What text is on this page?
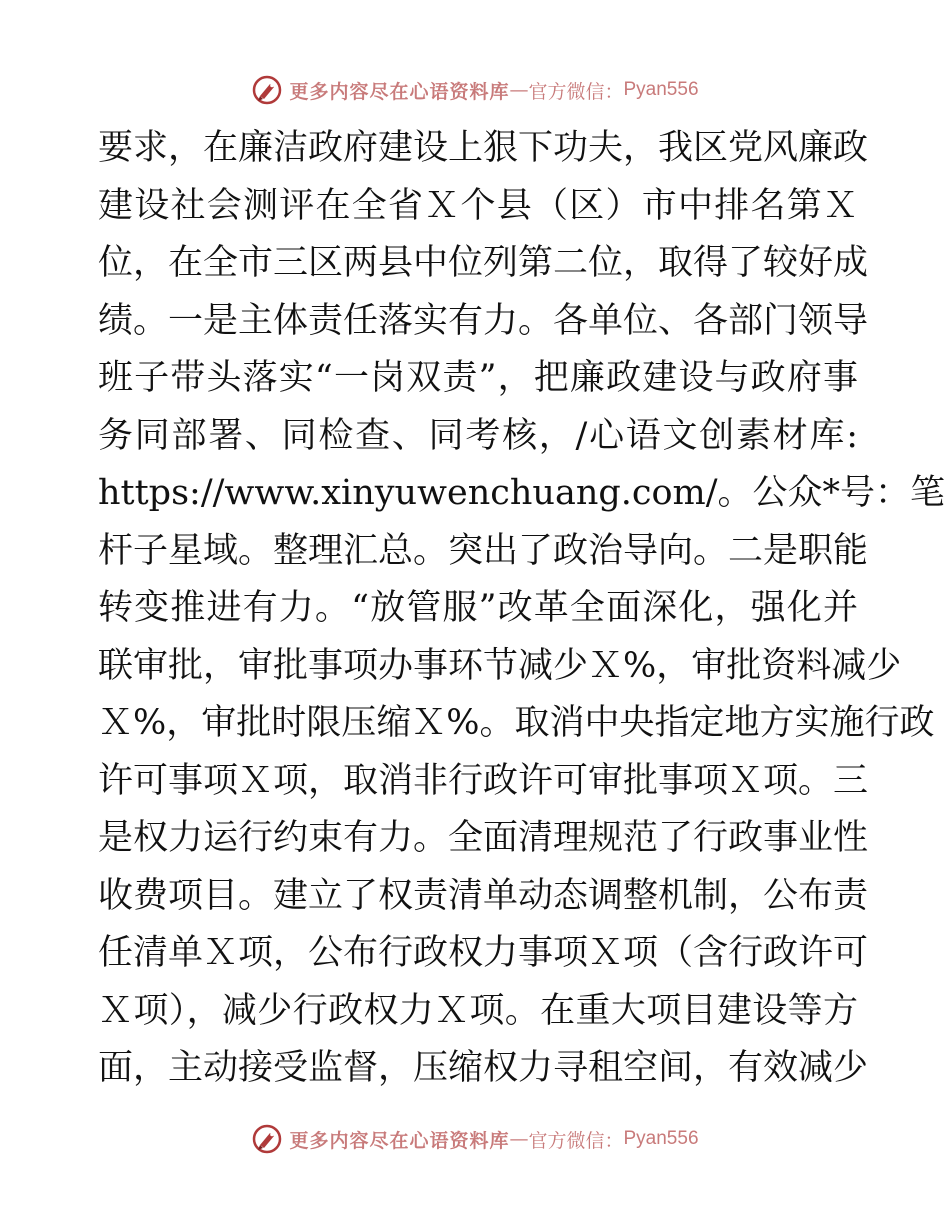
更多内容尽在心语资料库 — 官方微信： Pyan556
要求，在廉洁政府建设上狠下功夫，我区党风廉政
建设社会测评在全省Ｘ个县（区）市中排名第Ｘ
位，在全市三区两县中位列第二位，取得了较好成
绩。一是主体责任落实有力。各单位、各部门领导
班子带头落实“一岗双责”，把廉政建设与政府事
务同部署、同检查、同考核，/心语文创素材库:
https://www.xinyuwenchuang.com/。公众*号：笔
杆子星域。整理汇总。突出了政治导向。二是职能
转变推进有力。“放管服”改革全面深化，强化并
联审批，审批事项办事环节减少Ｘ%，审批资料减少
Ｘ%，审批时限压缩Ｘ%。取消中央指定地方实施行政
许可事项Ｘ项，取消非行政许可审批事项Ｘ项。三
是权力运行约束有力。全面清理规范了行政事业性
收费项目。建立了权责清单动态调整机制，公布责
任清单Ｘ项，公布行政权力事项Ｘ项（含行政许可
Ｘ项），减少行政权力Ｘ项。在重大项目建设等方
面，主动接受监督，压缩权力寻租空间，有效减少
更多内容尽在心语资料库 — 官方微信： Pyan556
